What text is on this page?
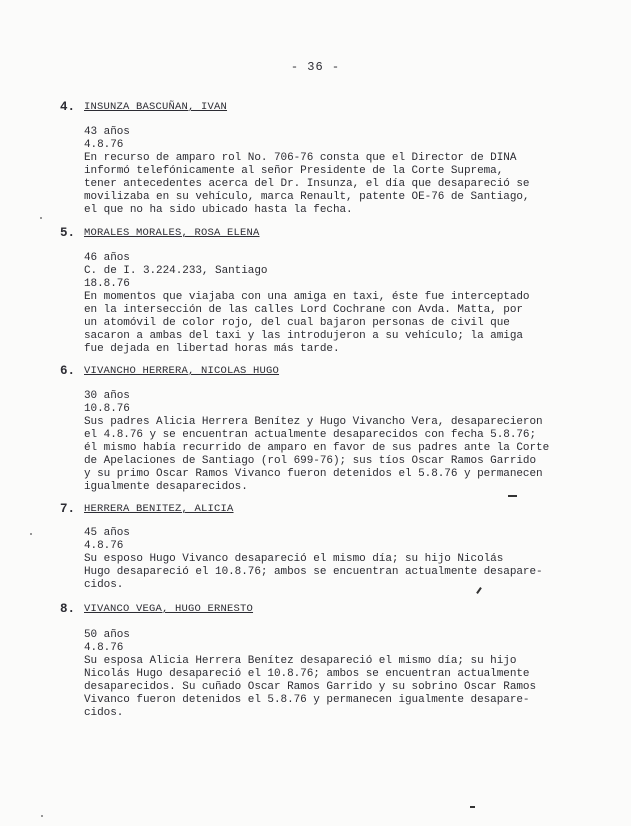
- 36 -
4. INSUNZA BASCUÑAN, IVAN
43 años
4.8.76
En recurso de amparo rol No. 706-76 consta que el Director de DINA
informó telefónicamente al señor Presidente de la Corte Suprema,
tener antecedentes acerca del Dr. Insunza, el día que desapareció se
movilizaba en su vehículo, marca Renault, patente OE-76 de Santiago,
el que no ha sido ubicado hasta la fecha.
5. MORALES MORALES, ROSA ELENA
46 años
C. de I. 3.224.233, Santiago
18.8.76
En momentos que viajaba con una amiga en taxi, éste fue interceptado
en la intersección de las calles Lord Cochrane con Avda. Matta, por
un atomóvil de color rojo, del cual bajaron personas de civil que
sacaron a ambas del taxi y las introdujeron a su vehículo; la amiga
fue dejada en libertad horas más tarde.
6. VIVANCHO HERRERA, NICOLAS HUGO
30 años
10.8.76
Sus padres Alicia Herrera Benítez y Hugo Vivancho Vera, desaparecieron
el 4.8.76 y se encuentran actualmente desaparecidos con fecha 5.8.76;
él mismo había recurrido de amparo en favor de sus padres ante la Corte
de Apelaciones de Santiago (rol 699-76); sus tíos Oscar Ramos Garrido
y su primo Oscar Ramos Vivanco fueron detenidos el 5.8.76 y permanecen
igualmente desaparecidos.
7. HERRERA BENITEZ, ALICIA
45 años
4.8.76
Su esposo Hugo Vivanco desapareció el mismo día; su hijo Nicolás
Hugo desapareció el 10.8.76; ambos se encuentran actualmente desapare-
cidos.
8. VIVANCO VEGA, HUGO ERNESTO
50 años
4.8.76
Su esposa Alicia Herrera Benítez desapareció el mismo día; su hijo
Nicolás Hugo desapareció el 10.8.76; ambos se encuentran actualmente
desaparecidos. Su cuñado Oscar Ramos Garrido y su sobrino Oscar Ramos
Vivanco fueron detenidos el 5.8.76 y permanecen igualmente desapare-
cidos.
